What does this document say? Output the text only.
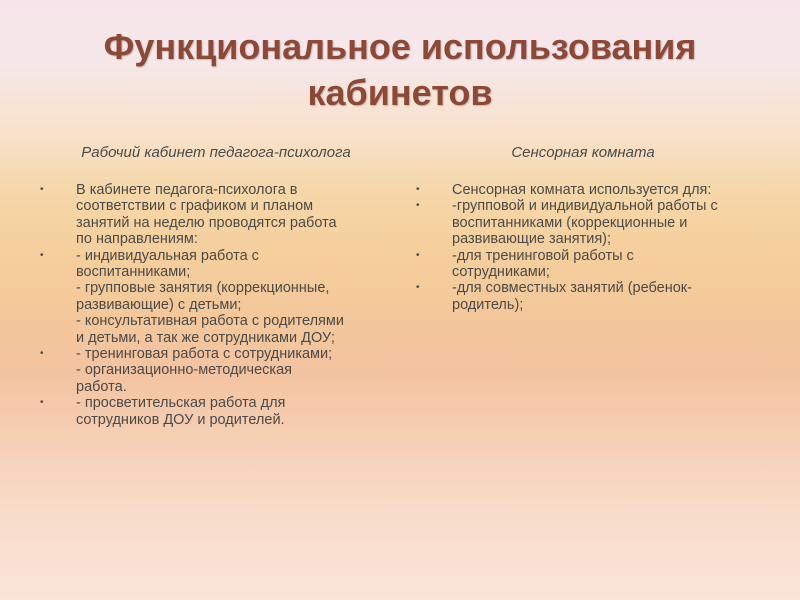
Функциональное использования
кабинетов
Рабочий кабинет педагога-психолога	Сенсорная комната
• В кабинете педагога-психолога в
соответствии с графиком и планом
занятий на неделю проводятся работа
по направлениям:
• - индивидуальная работа с
воспитанниками;
- групповые занятия (коррекционные,
развивающие) с детьми;
- консультативная работа с родителями
и детьми, а так же сотрудниками ДОУ;
• - тренинговая работа с сотрудниками;
- организационно-методическая
работа.
• - просветительская работа для
сотрудников ДОУ и родителей.
• Сенсорная комната используется для:
• -групповой и индивидуальной работы с
воспитанниками (коррекционные и
развивающие занятия);
• -для тренинговой работы с
сотрудниками;
• -для совместных занятий (ребенок-
родитель);
